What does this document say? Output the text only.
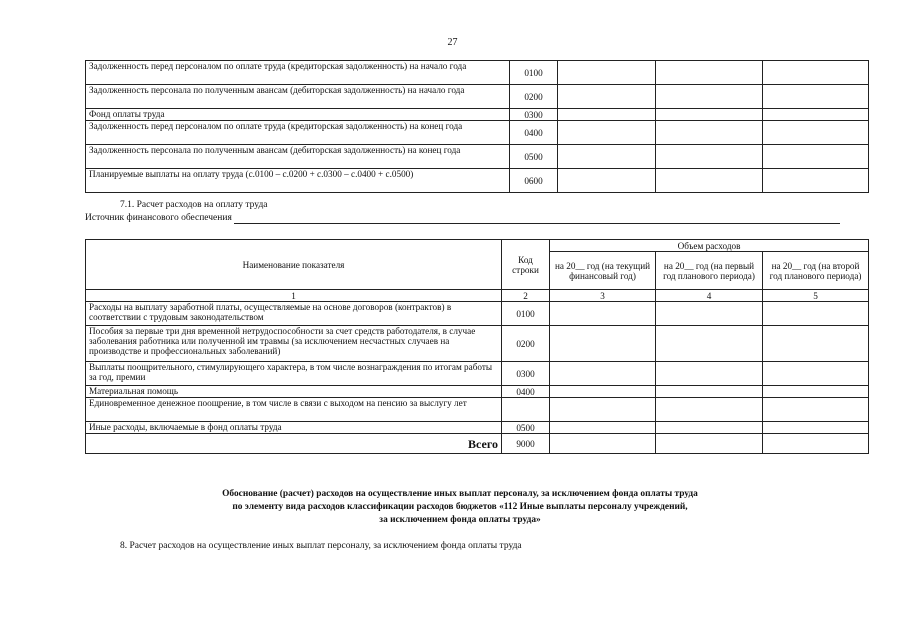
27
Задолженность перед персоналом по оплате труда (кредиторская задолженность) на начало года	0100			
Задолженность персонала по полученным авансам (дебиторская задолженность) на начало года	0200			
Фонд оплаты труда	0300			
Задолженность перед персоналом по оплате труда (кредиторская задолженность) на конец года	0400			
Задолженность персонала по полученным авансам (дебиторская задолженность) на конец года	0500			
Планируемые выплаты на оплату труда (с.0100 – с.0200 + с.0300 – с.0400 + с.0500)	0600			
7.1. Расчет расходов на оплату труда
Источник финансового обеспечения
Наименование показателя	Код строки	Объем расходов		
		на 20__ год (на текущий финансовый год)	на 20__ год (на первый год планового периода)	на 20__ год (на второй год планового периода)
1	2	3	4	5
Расходы на выплату заработной платы, осуществляемые на основе договоров (контрактов) в соответствии с трудовым законодательством	0100			
Пособия за первые три дня временной нетрудоспособности за счет средств работодателя, в случае заболевания работника или полученной им травмы (за исключением несчастных случаев на производстве и профессиональных заболеваний)	0200			
Выплаты поощрительного, стимулирующего характера, в том числе вознаграждения по итогам работы за год, премии	0300			
Материальная помощь	0400			
Единовременное денежное поощрение, в том числе в связи с выходом на пенсию за выслугу лет				
Иные расходы, включаемые в фонд оплаты труда	0500			
Всего	9000			
Обоснование (расчет) расходов на осуществление иных выплат персоналу, за исключением фонда оплаты труда
по элементу вида расходов классификации расходов бюджетов «112 Иные выплаты персоналу учреждений,
за исключением фонда оплаты труда»
8. Расчет расходов на осуществление иных выплат персоналу, за исключением фонда оплаты труда
